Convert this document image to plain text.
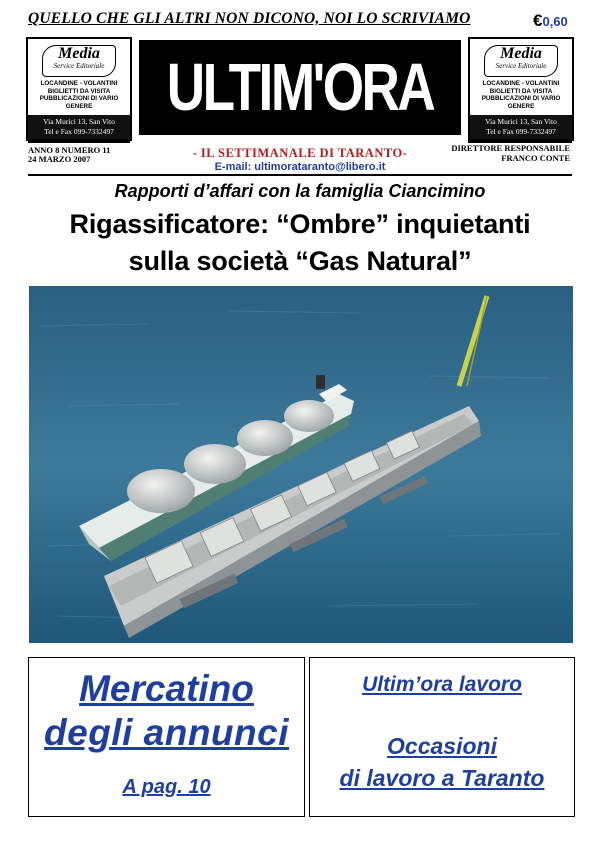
QUELLO CHE GLI ALTRI NON DICONO, NOI LO SCRIVIAMO	€0,60
Media
Service Editoriale
LOCANDINE - VOLANTINI
BIGLIETTI DA VISITA
PUBBLICAZIONI DI VARIO
GENERE
Via Murici 13, San Vito
Tel e Fax 099-7332497
ULTIM'ORA	Media
Service Editoriale
LOCANDINE - VOLANTINI
BIGLIETTI DA VISITA
PUBBLICAZIONI DI VARIO
GENERE
Via Murici 13, San Vito
Tel e Fax 099-7332497
ANNO 8 NUMERO 11
24 MARZO 2007	- IL SETTIMANALE DI TARANTO-
E-mail: ultimorataranto@libero.it
DIRETTORE RESPONSABILE
FRANCO CONTE
Rapporti d’affari con la famiglia Ciancimino
Rigassificatore: “Ombre” inquietanti
sulla società “Gas Natural”
Mercatino
degli annunci
A pag. 10
Ultim’ora lavoro
Occasioni
di lavoro a Taranto
